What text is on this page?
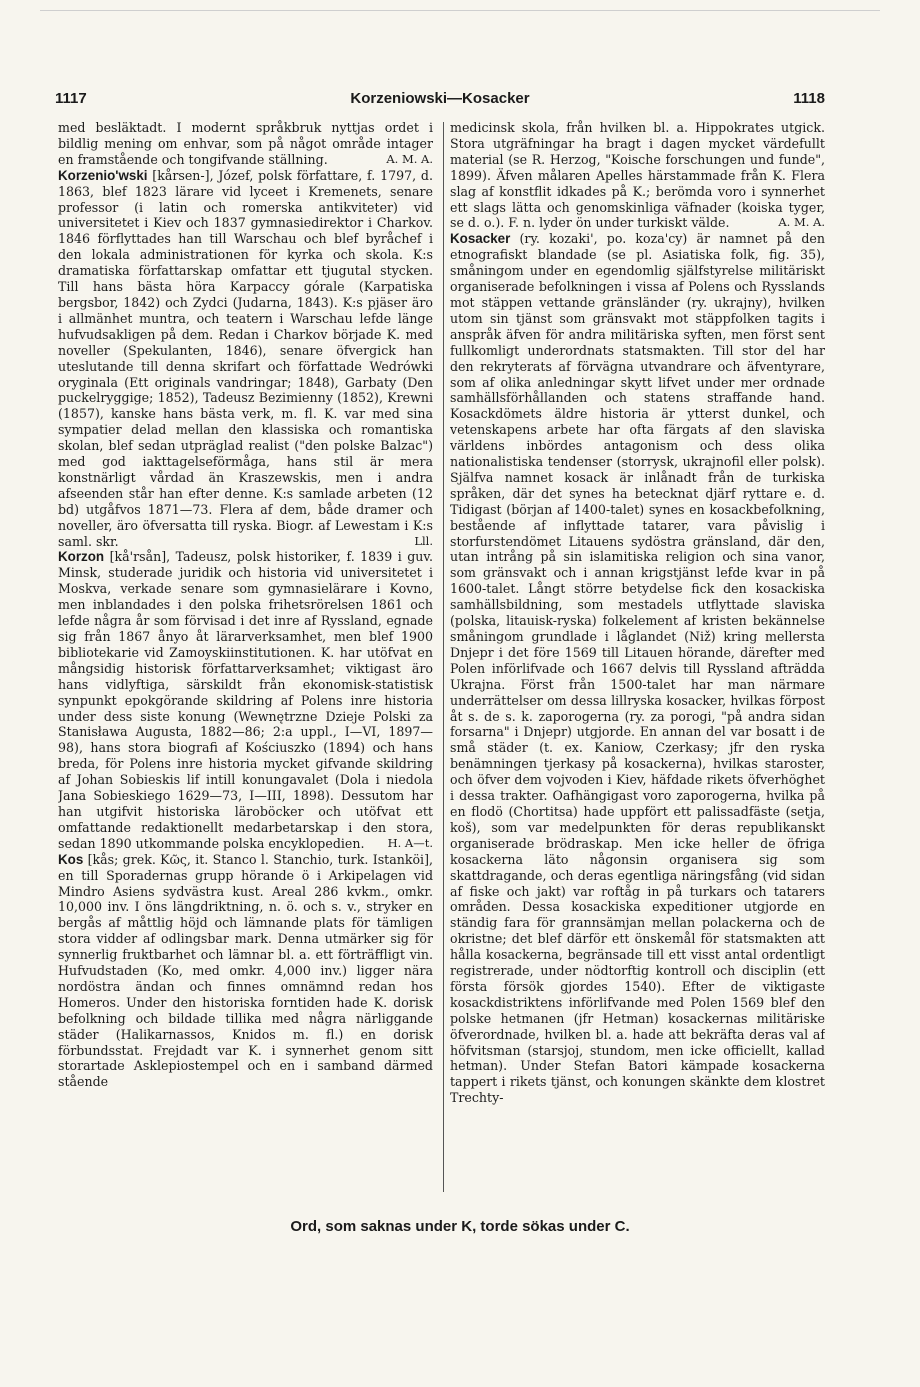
1117	Korzeniowski—Kosacker	1118

med besläktadt. I modernt språkbruk nyttjas ordet i bildlig mening om enhvar, som på något område intager en framstående och tongifvande ställning.	A. M. A.

Korzenio'wski [kårsen-], Józef, polsk författare, f. 1797, d. 1863, blef 1823 lärare vid lyceet i Kremenets, senare professor (i latin och romerska antikviteter) vid universitetet i Kiev och 1837 gymnasiedirektor i Charkov. 1846 förflyttades han till Warschau och blef byråchef i den lokala administrationen för kyrka och skola. K:s dramatiska författarskap omfattar ett tjugutal stycken. Till hans bästa höra Karpaccy górale (Karpatiska bergsbor, 1842) och Zydci (Judarna, 1843). K:s pjäser äro i allmänhet muntra, och teatern i Warschau lefde länge hufvudsakligen på dem. Redan i Charkov började K. med noveller (Spekulanten, 1846), senare öfvergick han uteslutande till denna skrifart och författade Wedrówki oryginala (Ett originals vandringar; 1848), Garbaty (Den puckelryggige; 1852), Tadeusz Bezimienny (1852), Krewni (1857), kanske hans bästa verk, m. fl. K. var med sina sympatier delad mellan den klassiska och romantiska skolan, blef sedan utpräglad realist ("den polske Balzac") med god iakttagelseförmåga, hans stil är mera konstnärligt vårdad än Kraszewskis, men i andra afseenden står han efter denne. K:s samlade arbeten (12 bd) utgåfvos 1871—73. Flera af dem, både dramer och noveller, äro öfversatta till ryska. Biogr. af Lewestam i K:s saml. skr.	Lll.

Korzon [kå'rsån], Tadeusz, polsk historiker, f. 1839 i guv. Minsk, studerade juridik och historia vid universitetet i Moskva, verkade senare som gymnasielärare i Kovno, men inblandades i den polska frihetsrörelsen 1861 och lefde några år som förvisad i det inre af Ryssland, egnade sig från 1867 ånyo åt lärarverksamhet, men blef 1900 bibliotekarie vid Zamoyskiinstitutionen. K. har utöfvat en mångsidig historisk författarverksamhet; viktigast äro hans vidlyftiga, särskildt från ekonomisk-statistisk synpunkt epokgörande skildring af Polens inre historia under dess siste konung (Wewnętrzne Dzieje Polski za Stanisława Augusta, 1882—86; 2:a uppl., I—VI, 1897—98), hans stora biografi af Kościuszko (1894) och hans breda, för Polens inre historia mycket gifvande skildring af Johan Sobieskis lif intill konungavalet (Dola i niedola Jana Sobieskiego 1629—73, I—III, 1898). Dessutom har han utgifvit historiska läroböcker och utöfvat ett omfattande redaktionellt medarbetarskap i den stora, sedan 1890 utkommande polska encyklopedien.	H. A—t.

Kos [kås; grek. Κῶς, it. Stanco l. Stanchio, turk. Istanköi], en till Sporadernas grupp hörande ö i Arkipelagen vid Mindro Asiens sydvästra kust. Areal 286 kvkm., omkr. 10,000 inv. I öns längdriktning, n. ö. och s. v., stryker en bergås af måttlig höjd och lämnande plats för tämligen stora vidder af odlingsbar mark. Denna utmärker sig för synnerlig fruktbarhet och lämnar bl. a. ett förträffligt vin. Hufvudstaden (Ko, med omkr. 4,000 inv.) ligger nära nordöstra ändan och finnes omnämnd redan hos Homeros. Under den historiska forntiden hade K. dorisk befolkning och bildade tillika med några närliggande städer (Halikarnassos, Knidos m. fl.) en dorisk förbundsstat. Frejdadt var K. i synnerhet genom sitt storartade Asklepiostempel och en i samband därmed stående

medicinsk skola, från hvilken bl. a. Hippokrates utgick. Stora utgräfningar ha bragt i dagen mycket värdefullt material (se R. Herzog, "Koische forschungen und funde", 1899). Äfven målaren Apelles härstammade från K. Flera slag af konstflit idkades på K.; berömda voro i synnerhet ett slags lätta och genomskinliga väfnader (koiska tyger, se d. o.). F. n. lyder ön under turkiskt välde.	A. M. A.

Kosacker (ry. kozaki', po. koza'cy) är namnet på den etnografiskt blandade (se pl. Asiatiska folk, fig. 35), småningom under en egendomlig själfstyrelse militäriskt organiserade befolkningen i vissa af Polens och Rysslands mot stäppen vettande gränsländer (ry. ukrajny), hvilken utom sin tjänst som gränsvakt mot stäppfolken tagits i anspråk äfven för andra militäriska syften, men först sent fullkomligt underordnats statsmakten. Till stor del har den rekryterats af förvägna utvandrare och äfventyrare, som af olika anledningar skytt lifvet under mer ordnade samhällsförhållanden och statens straffande hand. Kosackdömets äldre historia är ytterst dunkel, och vetenskapens arbete har ofta färgats af den slaviska världens inbördes antagonism och dess olika nationalistiska tendenser (storrysk, ukrajnofil eller polsk). Själfva namnet kosack är inlånadt från de turkiska språken, där det synes ha betecknat djärf ryttare e. d. Tidigast (början af 1400-talet) synes en kosackbefolkning, bestående af inflyttade tatarer, vara påvislig i storfurstendömet Litauens sydöstra gränsland, där den, utan intrång på sin islamitiska religion och sina vanor, som gränsvakt och i annan krigstjänst lefde kvar in på 1600-talet. Långt större betydelse fick den kosackiska samhällsbildning, som mestadels utflyttade slaviska (polska, litauisk-ryska) folkelement af kristen bekännelse småningom grundlade i låglandet (Niž) kring mellersta Dnjepr i det före 1569 till Litauen hörande, därefter med Polen införlifvade och 1667 delvis till Ryssland afträdda Ukrajna. Först från 1500-talet har man närmare underrättelser om dessa lillryska kosacker, hvilkas förpost åt s. de s. k. zaporogerna (ry. za porogi, "på andra sidan forsarna" i Dnjepr) utgjorde. En annan del var bosatt i de små städer (t. ex. Kaniow, Czerkasy; jfr den ryska benämningen tjerkasy på kosackerna), hvilkas staroster, och öfver dem vojvoden i Kiev, häfdade rikets öfverhöghet i dessa trakter. Oafhängigast voro zaporogerna, hvilka på en flodö (Chortitsa) hade uppfört ett palissadfäste (setja, koš), som var medelpunkten för deras republikanskt organiserade brödraskap. Men icke heller de öfriga kosackerna läto någonsin organisera sig som skattdragande, och deras egentliga näringsfång (vid sidan af fiske och jakt) var roftåg in på turkars och tatarers områden. Dessa kosackiska expeditioner utgjorde en ständig fara för grannsämjan mellan polackerna och de okristne; det blef därför ett önskemål för statsmakten att hålla kosackerna, begränsade till ett visst antal ordentligt registrerade, under nödtorftig kontroll och disciplin (ett första försök gjordes 1540). Efter de viktigaste kosackdistriktens införlifvande med Polen 1569 blef den polske hetmanen (jfr Hetman) kosackernas militäriske öfverordnade, hvilken bl. a. hade att bekräfta deras val af höfvitsman (starsjoj, stundom, men icke officiellt, kallad hetman). Under Stefan Batori kämpade kosackerna tappert i rikets tjänst, och konungen skänkte dem klostret Trechty-

Ord, som saknas under K, torde sökas under C.
